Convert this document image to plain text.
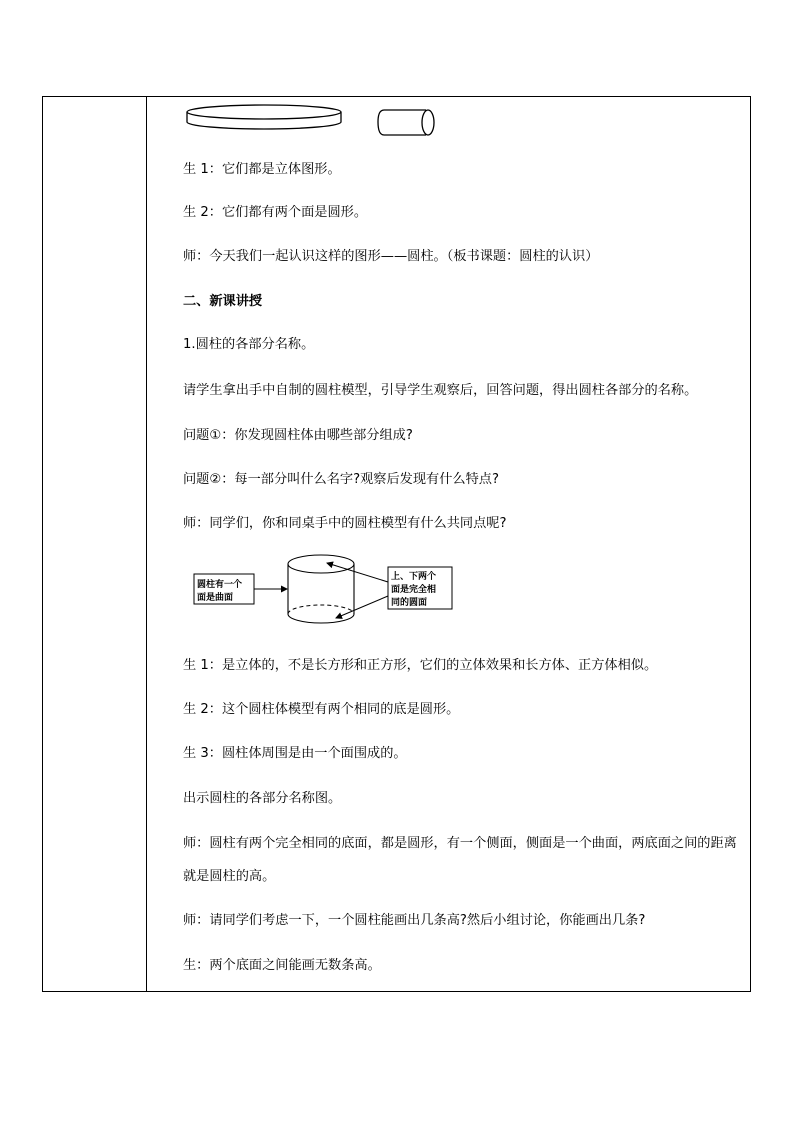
生 1：它们都是立体图形。
生 2：它们都有两个面是圆形。
师：今天我们一起认识这样的图形——圆柱。（板书课题：圆柱的认识）
二、新课讲授
1.圆柱的各部分名称。
请学生拿出手中自制的圆柱模型，引导学生观察后，回答问题，得出圆柱各部分的名称。
问题①：你发现圆柱体由哪些部分组成?
问题②：每一部分叫什么名字?观察后发现有什么特点?
师：同学们，你和同桌手中的圆柱模型有什么共同点呢?
圆柱有一个
面是曲面
上、下两个
面是完全相
同的圆面
生 1：是立体的，不是长方形和正方形，它们的立体效果和长方体、正方体相似。
生 2：这个圆柱体模型有两个相同的底是圆形。
生 3：圆柱体周围是由一个面围成的。
出示圆柱的各部分名称图。
师：圆柱有两个完全相同的底面，都是圆形，有一个侧面，侧面是一个曲面，两底面之间的距离就是圆柱的高。
师：请同学们考虑一下，一个圆柱能画出几条高?然后小组讨论，你能画出几条?
生：两个底面之间能画无数条高。
